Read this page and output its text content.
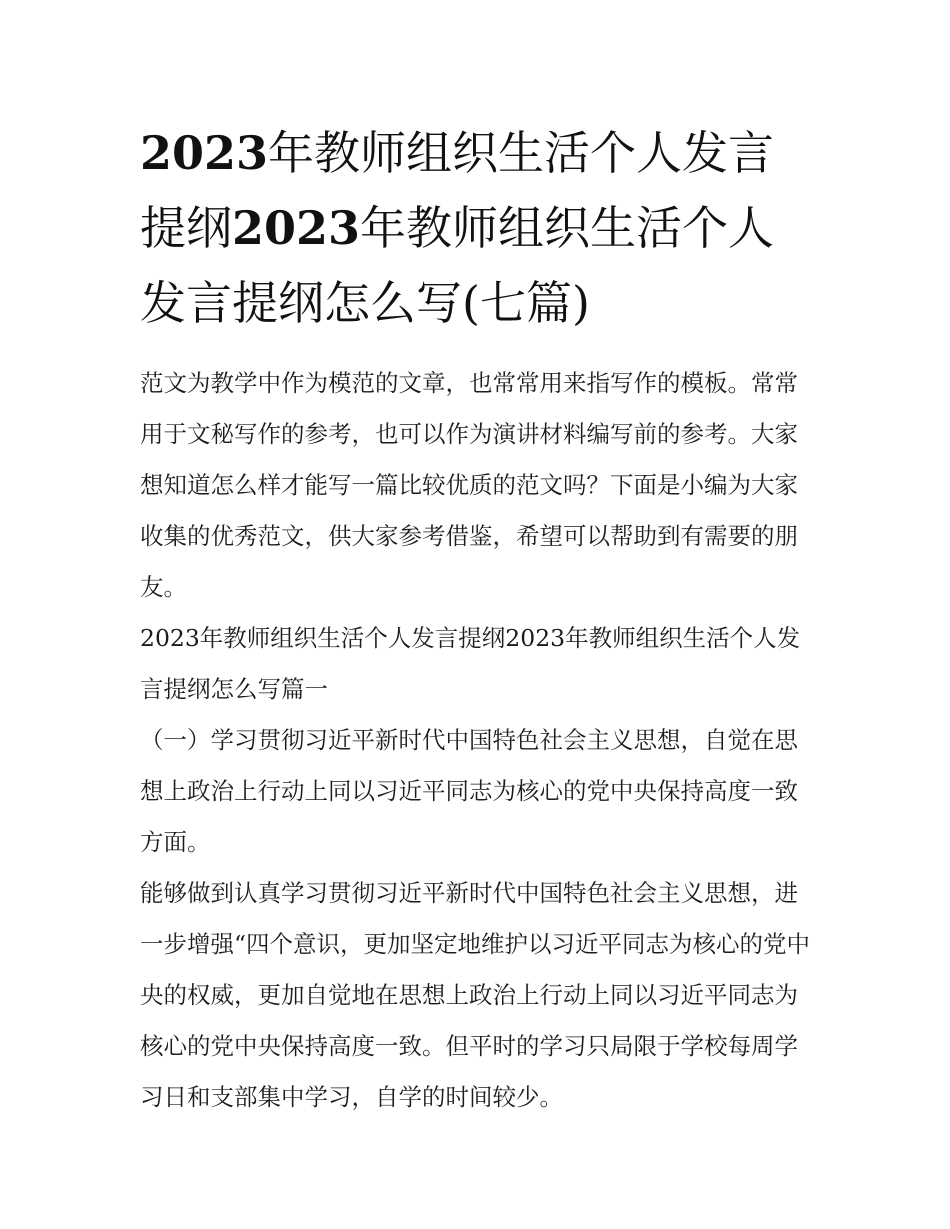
2023年教师组织生活个人发言提纲2023年教师组织生活个人发言提纲怎么写(七篇)

范文为教学中作为模范的文章，也常常用来指写作的模板。常常用于文秘写作的参考，也可以作为演讲材料编写前的参考。大家想知道怎么样才能写一篇比较优质的范文吗？下面是小编为大家收集的优秀范文，供大家参考借鉴，希望可以帮助到有需要的朋友。

2023年教师组织生活个人发言提纲2023年教师组织生活个人发言提纲怎么写篇一

（一）学习贯彻习近平新时代中国特色社会主义思想，自觉在思想上政治上行动上同以习近平同志为核心的党中央保持高度一致方面。

能够做到认真学习贯彻习近平新时代中国特色社会主义思想，进一步增强“四个意识，更加坚定地维护以习近平同志为核心的党中央的权威，更加自觉地在思想上政治上行动上同以习近平同志为核心的党中央保持高度一致。但平时的学习只局限于学校每周学习日和支部集中学习，自学的时间较少。
